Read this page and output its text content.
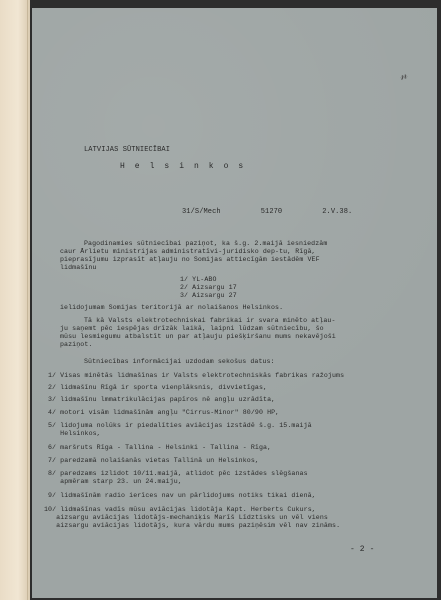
𝓃
LATVIJAS SŪTNIECĪBAI
H e l s i n k o s
31/S/Mech	51270	2.V.38.
Pagodinamies sūtniecībai paziņot, ka š.g. 2.maijā iesniedzām
caur Ārlietu ministrijas administratīvi-juridisko dep-tu, Rīgā,
pieprasījumu izprasīt atļauju no Somijas attiecīgām iestādēm VEF
lidmašīnu
1/ YL-ABO
2/ Aizsargu 17
3/ Aizsargu 27
ielidojumam Somijas teritorijā ar nolaišanos Helsinkos.
Tā kā Valsts elektrotechniskai fabrikai ir svara minēto atļau-
ju saņemt pēc iespējas drīzāk laikā, laipni lūdzam sūtniecību, šo
mūsu lesmiegumu atbalstīt un par atļauju piešķiršanu mums nekavējoši
paziņot.
Sūtniecības informācijai uzdodam sekošus datus:
1/ Visas minētās lidmašīnas ir Valsts elektrotechniskās fabrikas ražojums
2/ lidmašīnu Rīgā ir sporta vienplāksnis, divvietīgas,
3/ lidmašīnu lmmatrikulācijas papīros nē angļu uzrādīta,
4/ motori visām lidmašīnām angļu "Cirrus-Minor" 80/90 HP,
5/ lidojuma nolūks ir piedalīties aviācijas izstādē š.g. 15.maijā
Helsinkos,
6/ maršruts Rīga - Tallina - Helsinki - Tallina - Rīga,
7/ paredzamā nolaišanās vietas Tallinā un Helsinkos,
8/ paredzams izlidot 10/11.maijā, atlidot pēc izstādes slēgšanas
apmēram starp 23. un 24.maiju,
9/ lidmašīnām radio ierīces nav un pārlidojums notiks tikai dienā,
10/ lidmašīnas vadīs mūsu aviācijas lidotāja Kapt. Herberts Cukurs,
aizsargu aviācijas lidotājs-mechaniķis Marīš Līdztisks un vēl viens
aizsargu aviācijas lidotājs, kura vārdu mums paziņēsim vēl nav zināms.
- 2 -
